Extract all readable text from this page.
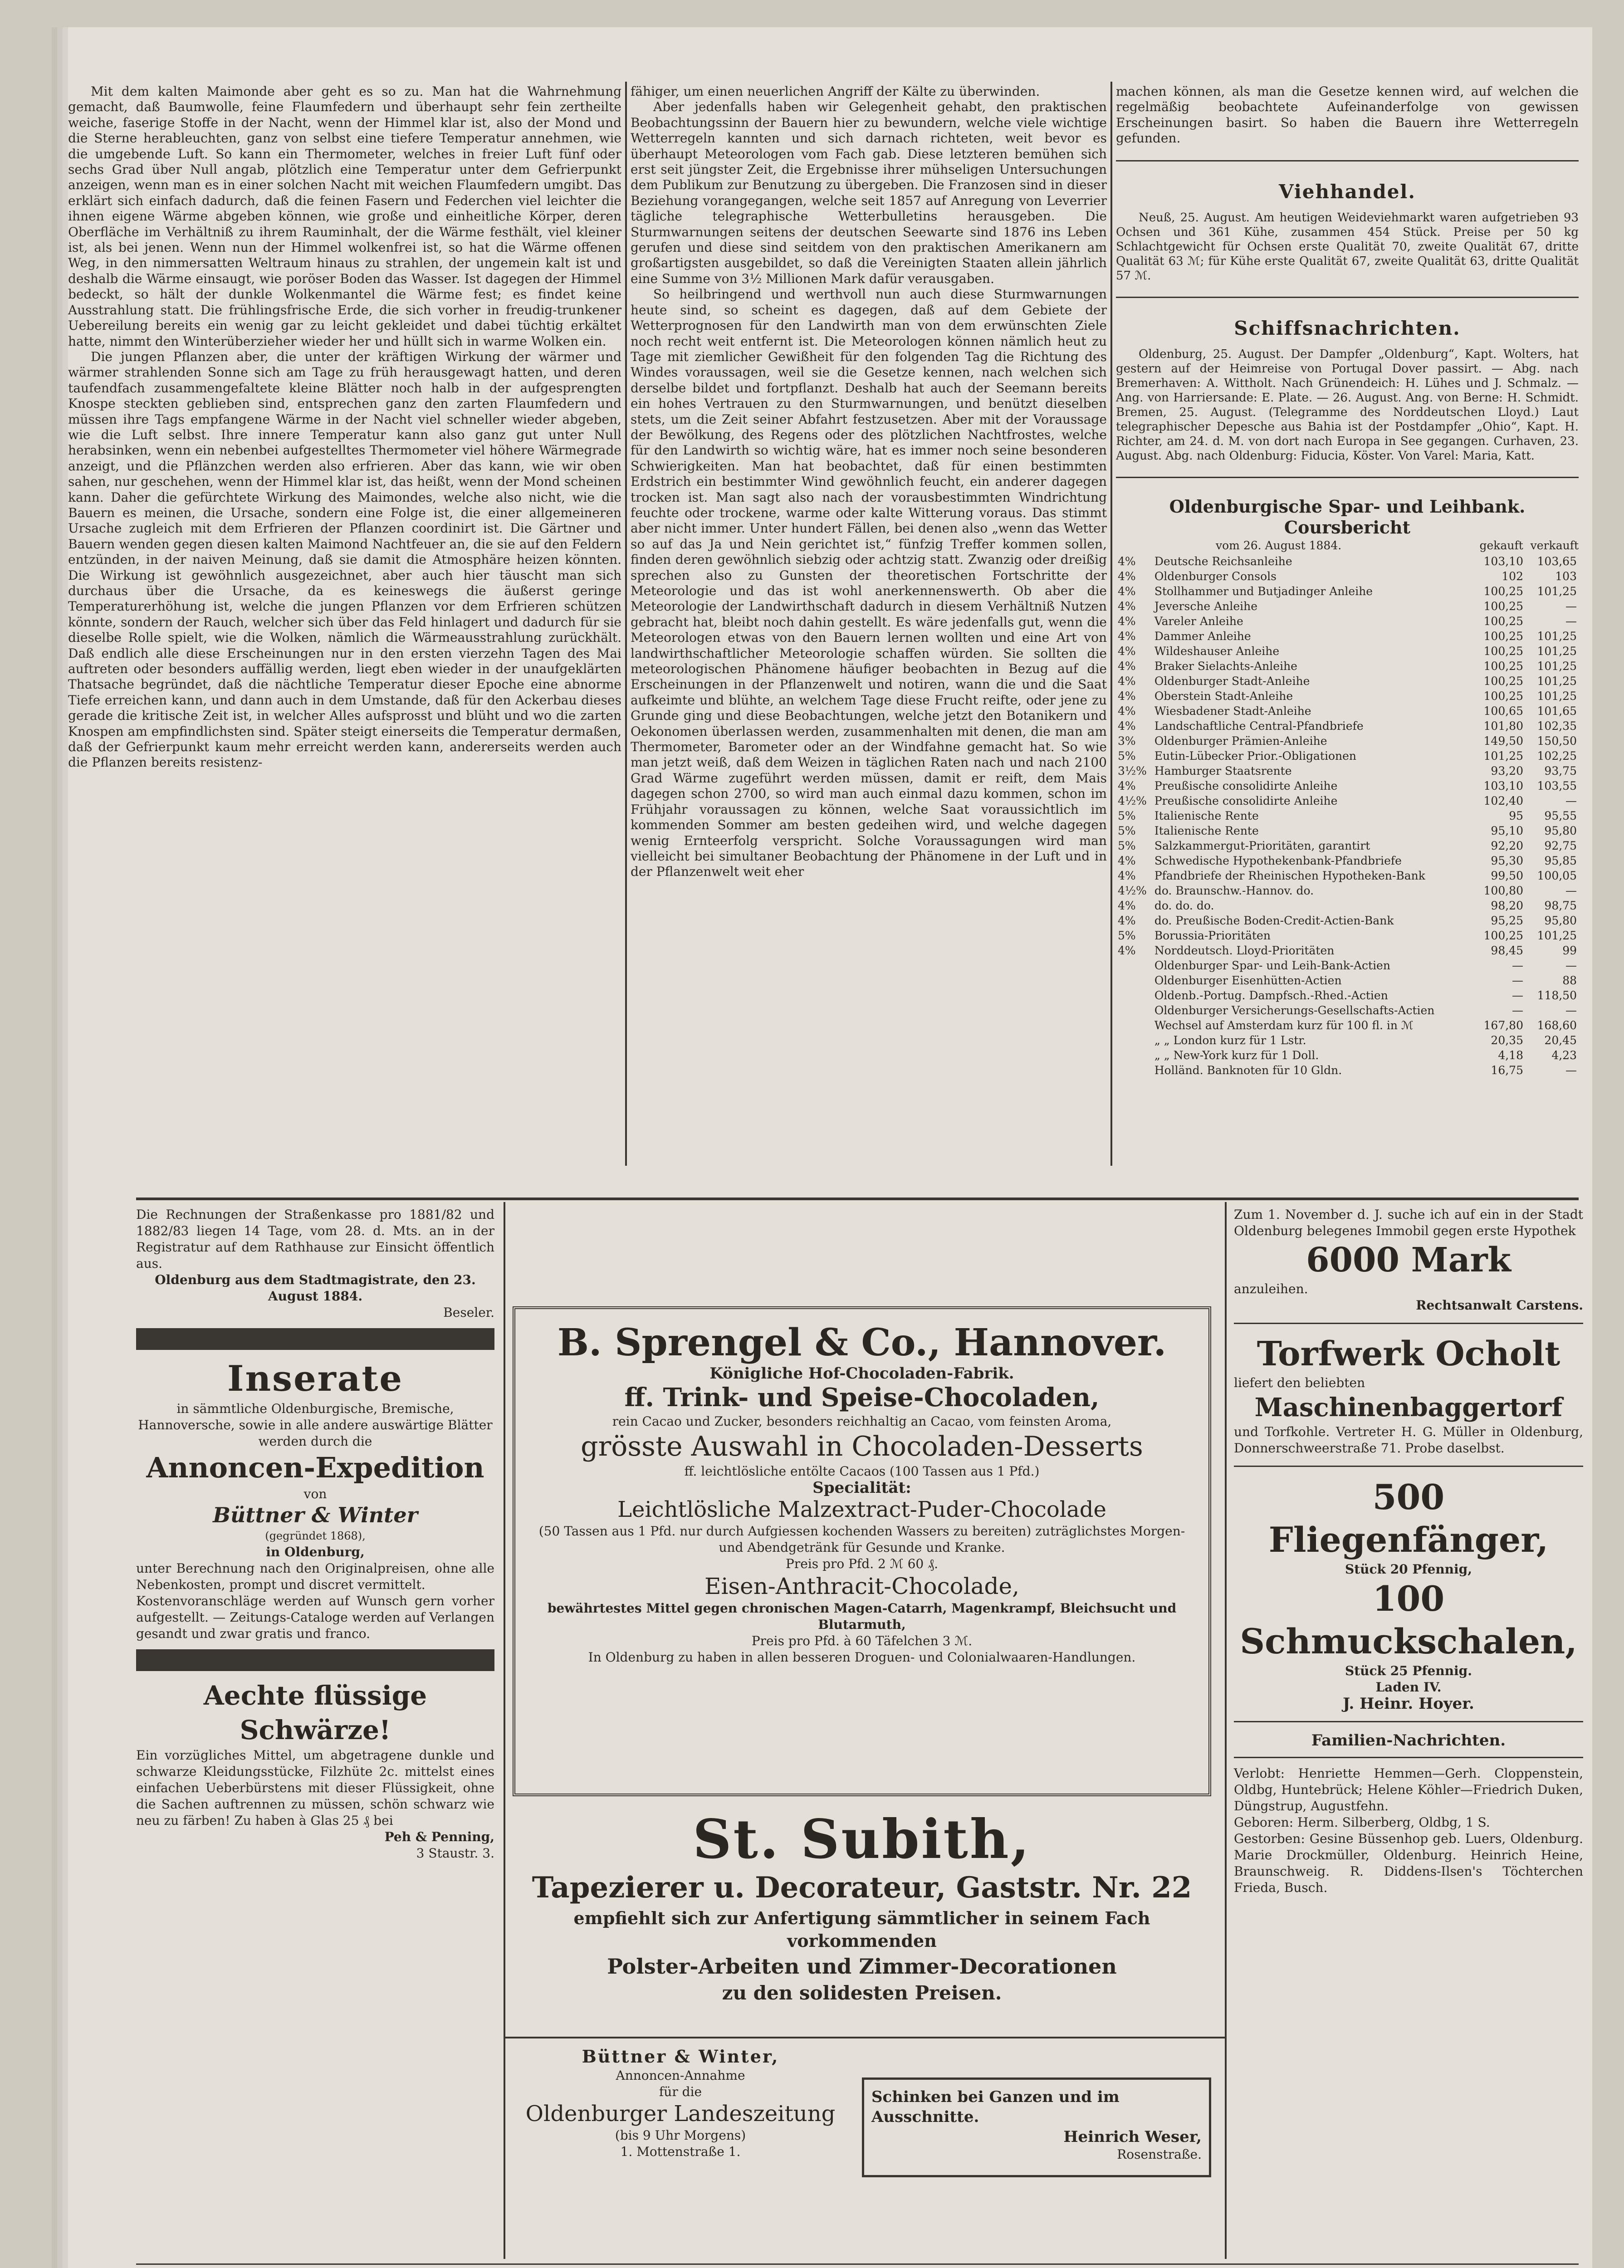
Mit dem kalten Maimonde aber geht es so zu. Man hat die Wahrnehmung gemacht, daß Baumwolle, feine Flaumfedern und überhaupt sehr fein zertheilte weiche, faserige Stoffe in der Nacht, wenn der Himmel klar ist, also der Mond und die Sterne herableuchten, ganz von selbst eine tiefere Temperatur annehmen, wie die umgebende Luft. So kann ein Thermometer, welches in freier Luft fünf oder sechs Grad über Null angab, plötzlich eine Temperatur unter dem Gefrierpunkt anzeigen, wenn man es in einer solchen Nacht mit weichen Flaumfedern umgibt. Das erklärt sich einfach dadurch, daß die feinen Fasern und Federchen viel leichter die ihnen eigene Wärme abgeben können, wie große und einheitliche Körper, deren Oberfläche im Verhältniß zu ihrem Rauminhalt, der die Wärme festhält, viel kleiner ist, als bei jenen. Wenn nun der Himmel wolkenfrei ist, so hat die Wärme offenen Weg, in den nimmersatten Weltraum hinaus zu strahlen, der ungemein kalt ist und deshalb die Wärme einsaugt, wie poröser Boden das Wasser. Ist dagegen der Himmel bedeckt, so hält der dunkle Wolkenmantel die Wärme fest; es findet keine Ausstrahlung statt. Die frühlingsfrische Erde, die sich vorher in freudig-trunkener Uebereilung bereits ein wenig gar zu leicht gekleidet und dabei tüchtig erkältet hatte, nimmt den Winterüberzieher wieder her und hüllt sich in warme Wolken ein.

Die jungen Pflanzen aber, die unter der kräftigen Wirkung der wärmer und wärmer strahlenden Sonne sich am Tage zu früh herausgewagt hatten, und deren taufendfach zusammengefaltete kleine Blätter noch halb in der aufgesprengten Knospe steckten geblieben sind, entsprechen ganz den zarten Flaumfedern und müssen ihre Tags empfangene Wärme in der Nacht viel schneller wieder abgeben, wie die Luft selbst. Ihre innere Temperatur kann also ganz gut unter Null herabsinken, wenn ein nebenbei aufgestelltes Thermometer viel höhere Wärmegrade anzeigt, und die Pflänzchen werden also erfrieren. Aber das kann, wie wir oben sahen, nur geschehen, wenn der Himmel klar ist, das heißt, wenn der Mond scheinen kann. Daher die gefürchtete Wirkung des Maimondes, welche also nicht, wie die Bauern es meinen, die Ursache, sondern eine Folge ist, die einer allgemeineren Ursache zugleich mit dem Erfrieren der Pflanzen coordinirt ist. Die Gärtner und Bauern wenden gegen diesen kalten Maimond Nachtfeuer an, die sie auf den Feldern entzünden, in der naiven Meinung, daß sie damit die Atmosphäre heizen könnten. Die Wirkung ist gewöhnlich ausgezeichnet, aber auch hier täuscht man sich durchaus über die Ursache, da es keineswegs die äußerst geringe Temperaturerhöhung ist, welche die jungen Pflanzen vor dem Erfrieren schützen könnte, sondern der Rauch, welcher sich über das Feld hinlagert und dadurch für sie dieselbe Rolle spielt, wie die Wolken, nämlich die Wärmeausstrahlung zurückhält. Daß endlich alle diese Erscheinungen nur in den ersten vierzehn Tagen des Mai auftreten oder besonders auffällig werden, liegt eben wieder in der unaufgeklärten Thatsache begründet, daß die nächtliche Temperatur dieser Epoche eine abnorme Tiefe erreichen kann, und dann auch in dem Umstande, daß für den Ackerbau dieses gerade die kritische Zeit ist, in welcher Alles aufsprosst und blüht und wo die zarten Knospen am empfindlichsten sind. Später steigt einerseits die Temperatur dermaßen, daß der Gefrierpunkt kaum mehr erreicht werden kann, andererseits werden auch die Pflanzen bereits resistenz-

fähiger, um einen neuerlichen Angriff der Kälte zu überwinden.

Aber jedenfalls haben wir Gelegenheit gehabt, den praktischen Beobachtungssinn der Bauern hier zu bewundern, welche viele wichtige Wetterregeln kannten und sich darnach richteten, weit bevor es überhaupt Meteorologen vom Fach gab. Diese letzteren bemühen sich erst seit jüngster Zeit, die Ergebnisse ihrer mühseligen Untersuchungen dem Publikum zur Benutzung zu übergeben. Die Franzosen sind in dieser Beziehung vorangegangen, welche seit 1857 auf Anregung von Leverrier tägliche telegraphische Wetterbulletins herausgeben. Die Sturmwarnungen seitens der deutschen Seewarte sind 1876 ins Leben gerufen und diese sind seitdem von den praktischen Amerikanern am großartigsten ausgebildet, so daß die Vereinigten Staaten allein jährlich eine Summe von 3½ Millionen Mark dafür verausgaben.

So heilbringend und werthvoll nun auch diese Sturmwarnungen heute sind, so scheint es dagegen, daß auf dem Gebiete der Wetterprognosen für den Landwirth man von dem erwünschten Ziele noch recht weit entfernt ist. Die Meteorologen können nämlich heut zu Tage mit ziemlicher Gewißheit für den folgenden Tag die Richtung des Windes voraussagen, weil sie die Gesetze kennen, nach welchen sich derselbe bildet und fortpflanzt. Deshalb hat auch der Seemann bereits ein hohes Vertrauen zu den Sturmwarnungen, und benützt dieselben stets, um die Zeit seiner Abfahrt festzusetzen. Aber mit der Voraussage der Bewölkung, des Regens oder des plötzlichen Nachtfrostes, welche für den Landwirth so wichtig wäre, hat es immer noch seine besonderen Schwierigkeiten. Man hat beobachtet, daß für einen bestimmten Erdstrich ein bestimmter Wind gewöhnlich feucht, ein anderer dagegen trocken ist. Man sagt also nach der vorausbestimmten Windrichtung feuchte oder trockene, warme oder kalte Witterung voraus. Das stimmt aber nicht immer. Unter hundert Fällen, bei denen also „wenn das Wetter so auf das Ja und Nein gerichtet ist,“ fünfzig Treffer kommen sollen, finden deren gewöhnlich siebzig oder achtzig statt. Zwanzig oder dreißig sprechen also zu Gunsten der theoretischen Fortschritte der Meteorologie und das ist wohl anerkennenswerth. Ob aber die Meteorologie der Landwirthschaft dadurch in diesem Verhältniß Nutzen gebracht hat, bleibt noch dahin gestellt. Es wäre jedenfalls gut, wenn die Meteorologen etwas von den Bauern lernen wollten und eine Art von landwirthschaftlicher Meteorologie schaffen würden. Sie sollten die meteorologischen Phänomene häufiger beobachten in Bezug auf die Erscheinungen in der Pflanzenwelt und notiren, wann die und die Saat aufkeimte und blühte, an welchem Tage diese Frucht reifte, oder jene zu Grunde ging und diese Beobachtungen, welche jetzt den Botanikern und Oekonomen überlassen werden, zusammenhalten mit denen, die man am Thermometer, Barometer oder an der Windfahne gemacht hat. So wie man jetzt weiß, daß dem Weizen in täglichen Raten nach und nach 2100 Grad Wärme zugeführt werden müssen, damit er reift, dem Mais dagegen schon 2700, so wird man auch einmal dazu kommen, schon im Frühjahr voraussagen zu können, welche Saat voraussichtlich im kommenden Sommer am besten gedeihen wird, und welche dagegen wenig Ernteerfolg verspricht. Solche Voraussagungen wird man vielleicht bei simultaner Beobachtung der Phänomene in der Luft und in der Pflanzenwelt weit eher

machen können, als man die Gesetze kennen wird, auf welchen die regelmäßig beobachtete Aufeinanderfolge von gewissen Erscheinungen basirt. So haben die Bauern ihre Wetterregeln gefunden.

Viehhandel.

Neuß, 25. August. Am heutigen Weideviehmarkt waren aufgetrieben 93 Ochsen und 361 Kühe, zusammen 454 Stück. Preise per 50 kg Schlachtgewicht für Ochsen erste Qualität 70, zweite Qualität 67, dritte Qualität 63 ℳ; für Kühe erste Qualität 67, zweite Qualität 63, dritte Qualität 57 ℳ.

Schiffsnachrichten.

Oldenburg, 25. August. Der Dampfer „Oldenburg“, Kapt. Wolters, hat gestern auf der Heimreise von Portugal Dover passirt. — Abg. nach Bremerhaven: A. Wittholt. Nach Grünendeich: H. Lühes und J. Schmalz. — Ang. von Harriersande: E. Plate. — 26. August. Ang. von Berne: H. Schmidt. Bremen, 25. August. (Telegramme des Norddeutschen Lloyd.) Laut telegraphischer Depesche aus Bahia ist der Postdampfer „Ohio“, Kapt. H. Richter, am 24. d. M. von dort nach Europa in See gegangen. Curhaven, 23. August. Abg. nach Oldenburg: Fiducia, Köster. Von Varel: Maria, Katt.

Oldenburgische Spar- und Leihbank.
Coursbericht
vom 26. August 1884.	gekauft verkauft
4%	Deutsche Reichsanleihe	103,10	103,65
4%	Oldenburger Consols	102	103
4%	Stollhammer und Butjadinger Anleihe	100,25	101,25
4%	Jeversche Anleihe	100,25	—
4%	Vareler Anleihe	100,25	—
4%	Dammer Anleihe	100,25	101,25
4%	Wildeshauser Anleihe	100,25	101,25
4%	Braker Sielachts-Anleihe	100,25	101,25
4%	Oldenburger Stadt-Anleihe	100,25	101,25
4%	Oberstein Stadt-Anleihe	100,25	101,25
4%	Wiesbadener Stadt-Anleihe	100,65	101,65
4%	Landschaftliche Central-Pfandbriefe	101,80	102,35
3%	Oldenburger Prämien-Anleihe	149,50	150,50
5%	Eutin-Lübecker Prior.-Obligationen	101,25	102,25
3½%	Hamburger Staatsrente	93,20	93,75
4%	Preußische consolidirte Anleihe	103,10	103,55
4½%	Preußische consolidirte Anleihe	102,40	—
5%	Italienische Rente	95	95,55
5%	Italienische Rente	95,10	95,80
5%	Salzkammergut-Prioritäten, garantirt	92,20	92,75
4%	Schwedische Hypothekenbank-Pfandbriefe	95,30	95,85
4%	Pfandbriefe der Rheinischen Hypotheken-Bank	99,50	100,05
4½%	do. Braunschw.-Hannov. do.	100,80	—
4%	do. do. do.	98,20	98,75
4%	do. Preußische Boden-Credit-Actien-Bank	95,25	95,80
5%	Borussia-Prioritäten	100,25	101,25
4%	Norddeutsch. Lloyd-Prioritäten	98,45	99
	Oldenburger Spar- und Leih-Bank-Actien	—	—
	Oldenburger Eisenhütten-Actien	—	88
	Oldenb.-Portug. Dampfsch.-Rhed.-Actien	—	118,50
	Oldenburger Versicherungs-Gesellschafts-Actien	—	—
	Wechsel auf Amsterdam kurz für 100 fl. in ℳ	167,80	168,60
	„ „ London kurz für 1 Lstr.	20,35	20,45
	„ „ New-York kurz für 1 Doll.	4,18	4,23
	Holländ. Banknoten für 10 Gldn.	16,75	—
Die Rechnungen der Straßenkasse pro 1881/82 und 1882/83 liegen 14 Tage, vom 28. d. Mts. an in der Registratur auf dem Rathhause zur Einsicht öffentlich aus.
Oldenburg aus dem Stadtmagistrate, den 23. August 1884.
Beseler.
Inserate
in sämmtliche Oldenburgische, Bremische, Hannoversche, sowie in alle andere auswärtige Blätter werden durch die
Annoncen-Expedition
von
Büttner & Winter
(gegründet 1868),
in Oldenburg,
unter Berechnung nach den Originalpreisen, ohne alle Nebenkosten, prompt und discret vermittelt.
Kostenvoranschläge werden auf Wunsch gern vorher aufgestellt. — Zeitungs-Cataloge werden auf Verlangen gesandt und zwar gratis und franco.
Aechte flüssige Schwärze!
Ein vorzügliches Mittel, um abgetragene dunkle und schwarze Kleidungsstücke, Filzhüte 2c. mittelst eines einfachen Ueberbürstens mit dieser Flüssigkeit, ohne die Sachen auftrennen zu müssen, schön schwarz wie neu zu färben! Zu haben à Glas 25 ₰ bei
Peh & Penning,
3 Staustr. 3.
B. Sprengel & Co., Hannover.
Königliche Hof-Chocoladen-Fabrik.
ff. Trink- und Speise-Chocoladen,
rein Cacao und Zucker, besonders reichhaltig an Cacao, vom feinsten Aroma,
grösste Auswahl in Chocoladen-Desserts
ff. leichtlösliche entölte Cacaos (100 Tassen aus 1 Pfd.)
Specialität:
Leichtlösliche Malzextract-Puder-Chocolade
(50 Tassen aus 1 Pfd. nur durch Aufgiessen kochenden Wassers zu bereiten) zuträglichstes Morgen- und Abendgetränk für Gesunde und Kranke.
Preis pro Pfd. 2 ℳ 60 ₰.
Eisen-Anthracit-Chocolade,
bewährtestes Mittel gegen chronischen Magen-Catarrh, Magenkrampf, Bleichsucht und Blutarmuth,
Preis pro Pfd. à 60 Täfelchen 3 ℳ.
In Oldenburg zu haben in allen besseren Droguen- und Colonialwaaren-Handlungen.
St. Subith,
Tapezierer u. Decorateur, Gaststr. Nr. 22
empfiehlt sich zur Anfertigung sämmtlicher in seinem Fach vorkommenden
Polster-Arbeiten und Zimmer-Decorationen
zu den solidesten Preisen.
Büttner & Winter,
Annoncen-Annahme
für die
Oldenburger Landeszeitung
(bis 9 Uhr Morgens)
1. Mottenstraße 1.
Schinken bei Ganzen und im Ausschnitte.
Heinrich Weser,
Rosenstraße.
Zum 1. November d. J. suche ich auf ein in der Stadt Oldenburg belegenes Immobil gegen erste Hypothek
6000 Mark
anzuleihen.
Rechtsanwalt Carstens.
Torfwerk Ocholt
liefert den beliebten
Maschinenbaggertorf
und Torfkohle. Vertreter H. G. Müller in Oldenburg, Donnerschweerstraße 71. Probe daselbst.
500 Fliegenfänger,
Stück 20 Pfennig,
100 Schmuckschalen,
Stück 25 Pfennig.
Laden IV.
J. Heinr. Hoyer.
Familien-Nachrichten.
Verlobt: Henriette Hemmen—Gerh. Cloppenstein, Oldbg, Huntebrück; Helene Köhler—Friedrich Duken, Düngstrup, Augustfehn.
Geboren: Herm. Silberberg, Oldbg, 1 S.
Gestorben: Gesine Büssenhop geb. Luers, Oldenburg. Marie Drockmüller, Oldenburg. Heinrich Heine, Braunschweig. R. Diddens-Ilsen's Töchterchen Frieda, Busch.
